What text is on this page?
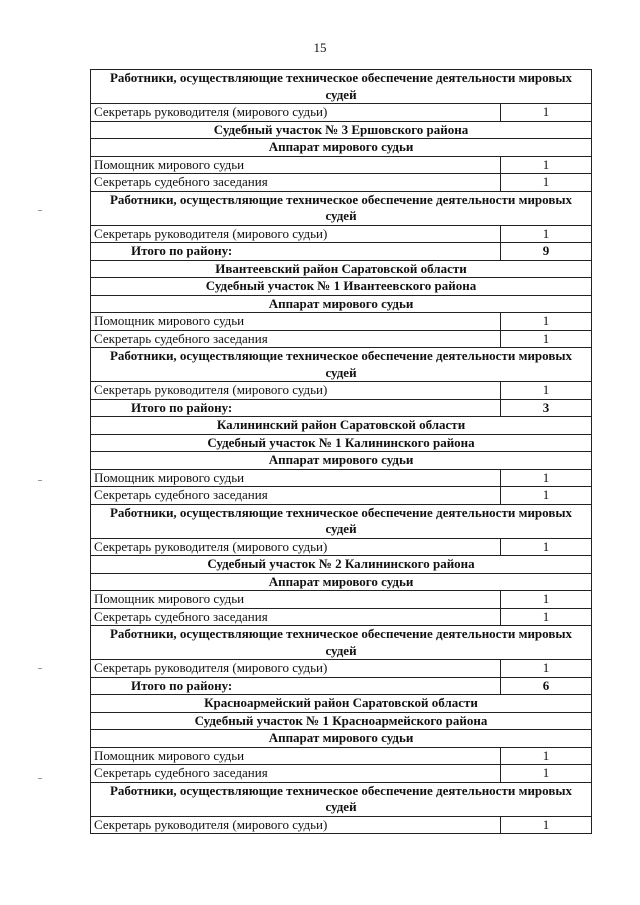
15
Работники, осуществляющие техническое обеспечение деятельности мировых судей	
Секретарь руководителя (мирового судьи)	1
Судебный участок № 3 Ершовского района	
Аппарат мирового судьи	
Помощник мирового судьи	1
Секретарь судебного заседания	1
Работники, осуществляющие техническое обеспечение деятельности мировых судей	
Секретарь руководителя (мирового судьи)	1
Итого по району:	9
Ивантеевский район Саратовской области	
Судебный участок № 1 Ивантеевского района	
Аппарат мирового судьи	
Помощник мирового судьи	1
Секретарь судебного заседания	1
Работники, осуществляющие техническое обеспечение деятельности мировых судей	
Секретарь руководителя (мирового судьи)	1
Итого по району:	3
Калининский район Саратовской области	
Судебный участок № 1 Калининского района	
Аппарат мирового судьи	
Помощник мирового судьи	1
Секретарь судебного заседания	1
Работники, осуществляющие техническое обеспечение деятельности мировых судей	
Секретарь руководителя (мирового судьи)	1
Судебный участок № 2 Калининского района	
Аппарат мирового судьи	
Помощник мирового судьи	1
Секретарь судебного заседания	1
Работники, осуществляющие техническое обеспечение деятельности мировых судей	
Секретарь руководителя (мирового судьи)	1
Итого по району:	6
Красноармейский район Саратовской области	
Судебный участок № 1 Красноармейского района	
Аппарат мирового судьи	
Помощник мирового судьи	1
Секретарь судебного заседания	1
Работники, осуществляющие техническое обеспечение деятельности мировых судей	
Секретарь руководителя (мирового судьи)	1
